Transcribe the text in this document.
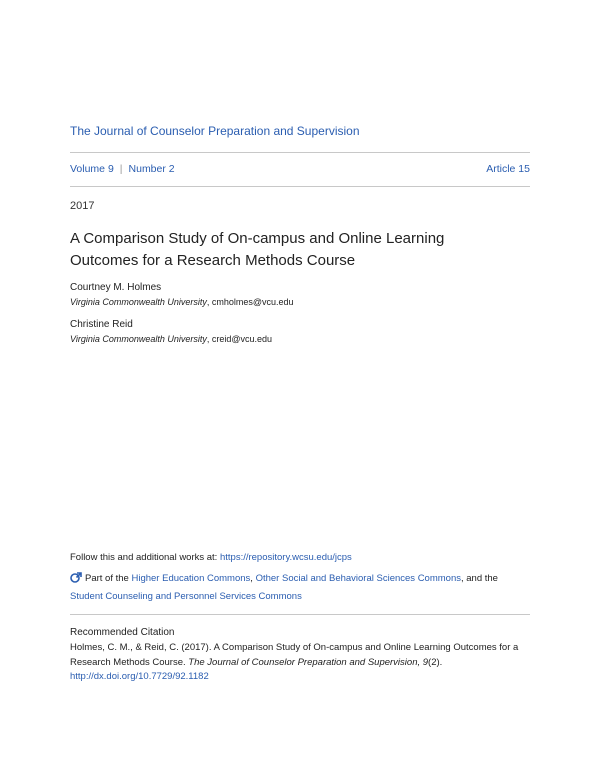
The Journal of Counselor Preparation and Supervision
Volume 9 | Number 2	Article 15
2017
A Comparison Study of On-campus and Online Learning Outcomes for a Research Methods Course
Courtney M. Holmes
Virginia Commonwealth University, cmholmes@vcu.edu
Christine Reid
Virginia Commonwealth University, creid@vcu.edu
Follow this and additional works at: https://repository.wcsu.edu/jcps
Part of the Higher Education Commons, Other Social and Behavioral Sciences Commons, and the
Student Counseling and Personnel Services Commons
Recommended Citation
Holmes, C. M., & Reid, C. (2017). A Comparison Study of On-campus and Online Learning Outcomes for a Research Methods Course. The Journal of Counselor Preparation and Supervision, 9(2). http://dx.doi.org/10.7729/92.1182
